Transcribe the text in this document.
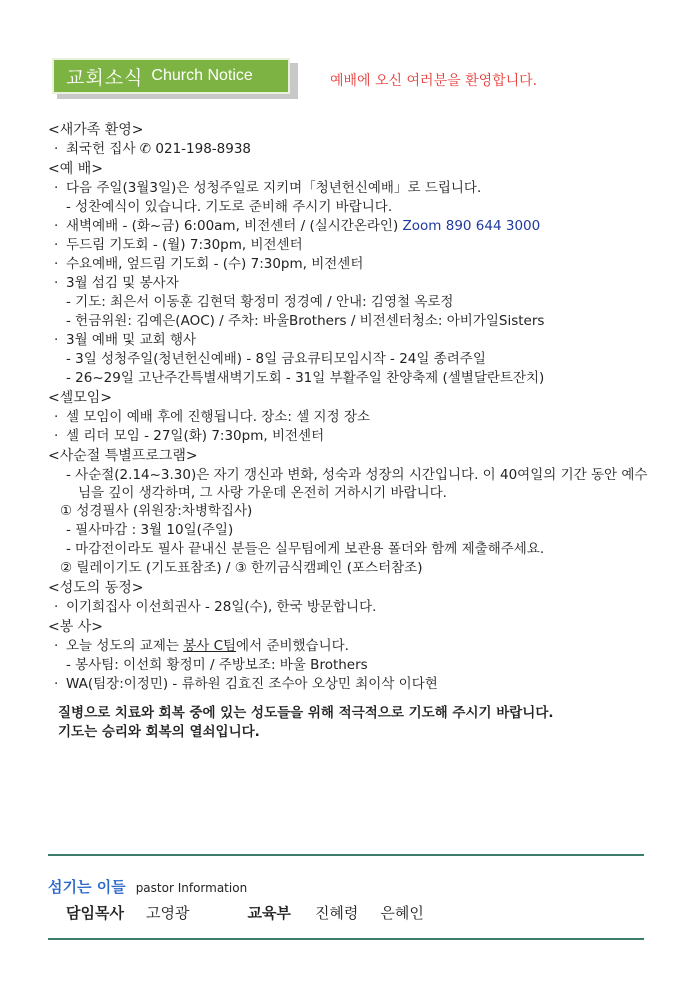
교회소식 Church Notice	예배에 오신 여러분을 환영합니다.
<새가족 환영>
· 최국헌 집사 ✆ 021-198-8938
<예 배>
· 다음 주일(3월3일)은 성청주일로 지키며「청년헌신예배」로 드립니다.
- 성찬예식이 있습니다. 기도로 준비해 주시기 바랍니다.
· 새벽예배 - (화~금) 6:00am, 비전센터 / (실시간온라인) Zoom 890 644 3000
· 두드림 기도회 - (월) 7:30pm, 비전센터
· 수요예배, 엎드림 기도회 - (수) 7:30pm, 비전센터
· 3월 섬김 및 봉사자
- 기도: 최은서 이동훈 김현덕 황정미 정경예 / 안내: 김영철 옥로정
- 헌금위원: 김예은(AOC) / 주차: 바울Brothers / 비전센터청소: 아비가일Sisters
· 3월 예배 및 교회 행사
- 3일 성청주일(청년헌신예배) - 8일 금요큐티모임시작 - 24일 종려주일
- 26~29일 고난주간특별새벽기도회 - 31일 부활주일 찬양축제 (셀별달란트잔치)
<셀모임>
· 셀 모임이 예배 후에 진행됩니다. 장소: 셀 지정 장소
· 셀 리더 모임 - 27일(화) 7:30pm, 비전센터
<사순절 특별프로그램>
- 사순절(2.14~3.30)은 자기 갱신과 변화, 성숙과 성장의 시간입니다. 이 40여일의 기간 동안 예수님을 깊이 생각하며, 그 사랑 가운데 온전히 거하시기 바랍니다.
① 성경필사 (위원장:차병학집사)
- 필사마감 : 3월 10일(주일)
- 마감전이라도 필사 끝내신 분들은 실무팀에게 보관용 폴더와 함께 제출해주세요.
② 릴레이기도 (기도표참조) / ③ 한끼금식캠페인 (포스터참조)
<성도의 동정>
· 이기희집사 이선희권사 - 28일(수), 한국 방문합니다.
<봉 사>
· 오늘 성도의 교제는 봉사 C팀에서 준비했습니다.
- 봉사팀: 이선희 황정미 / 주방보조: 바울 Brothers
· WA(팀장:이정민) - 류하원 김효진 조수아 오상민 최이삭 이다현
질병으로 치료와 회복 중에 있는 성도들을 위해 적극적으로 기도해 주시기 바랍니다.
기도는 승리와 회복의 열쇠입니다.
섬기는 이들 pastor Information
담임목사 고영광	교육부 진혜령 은혜인
